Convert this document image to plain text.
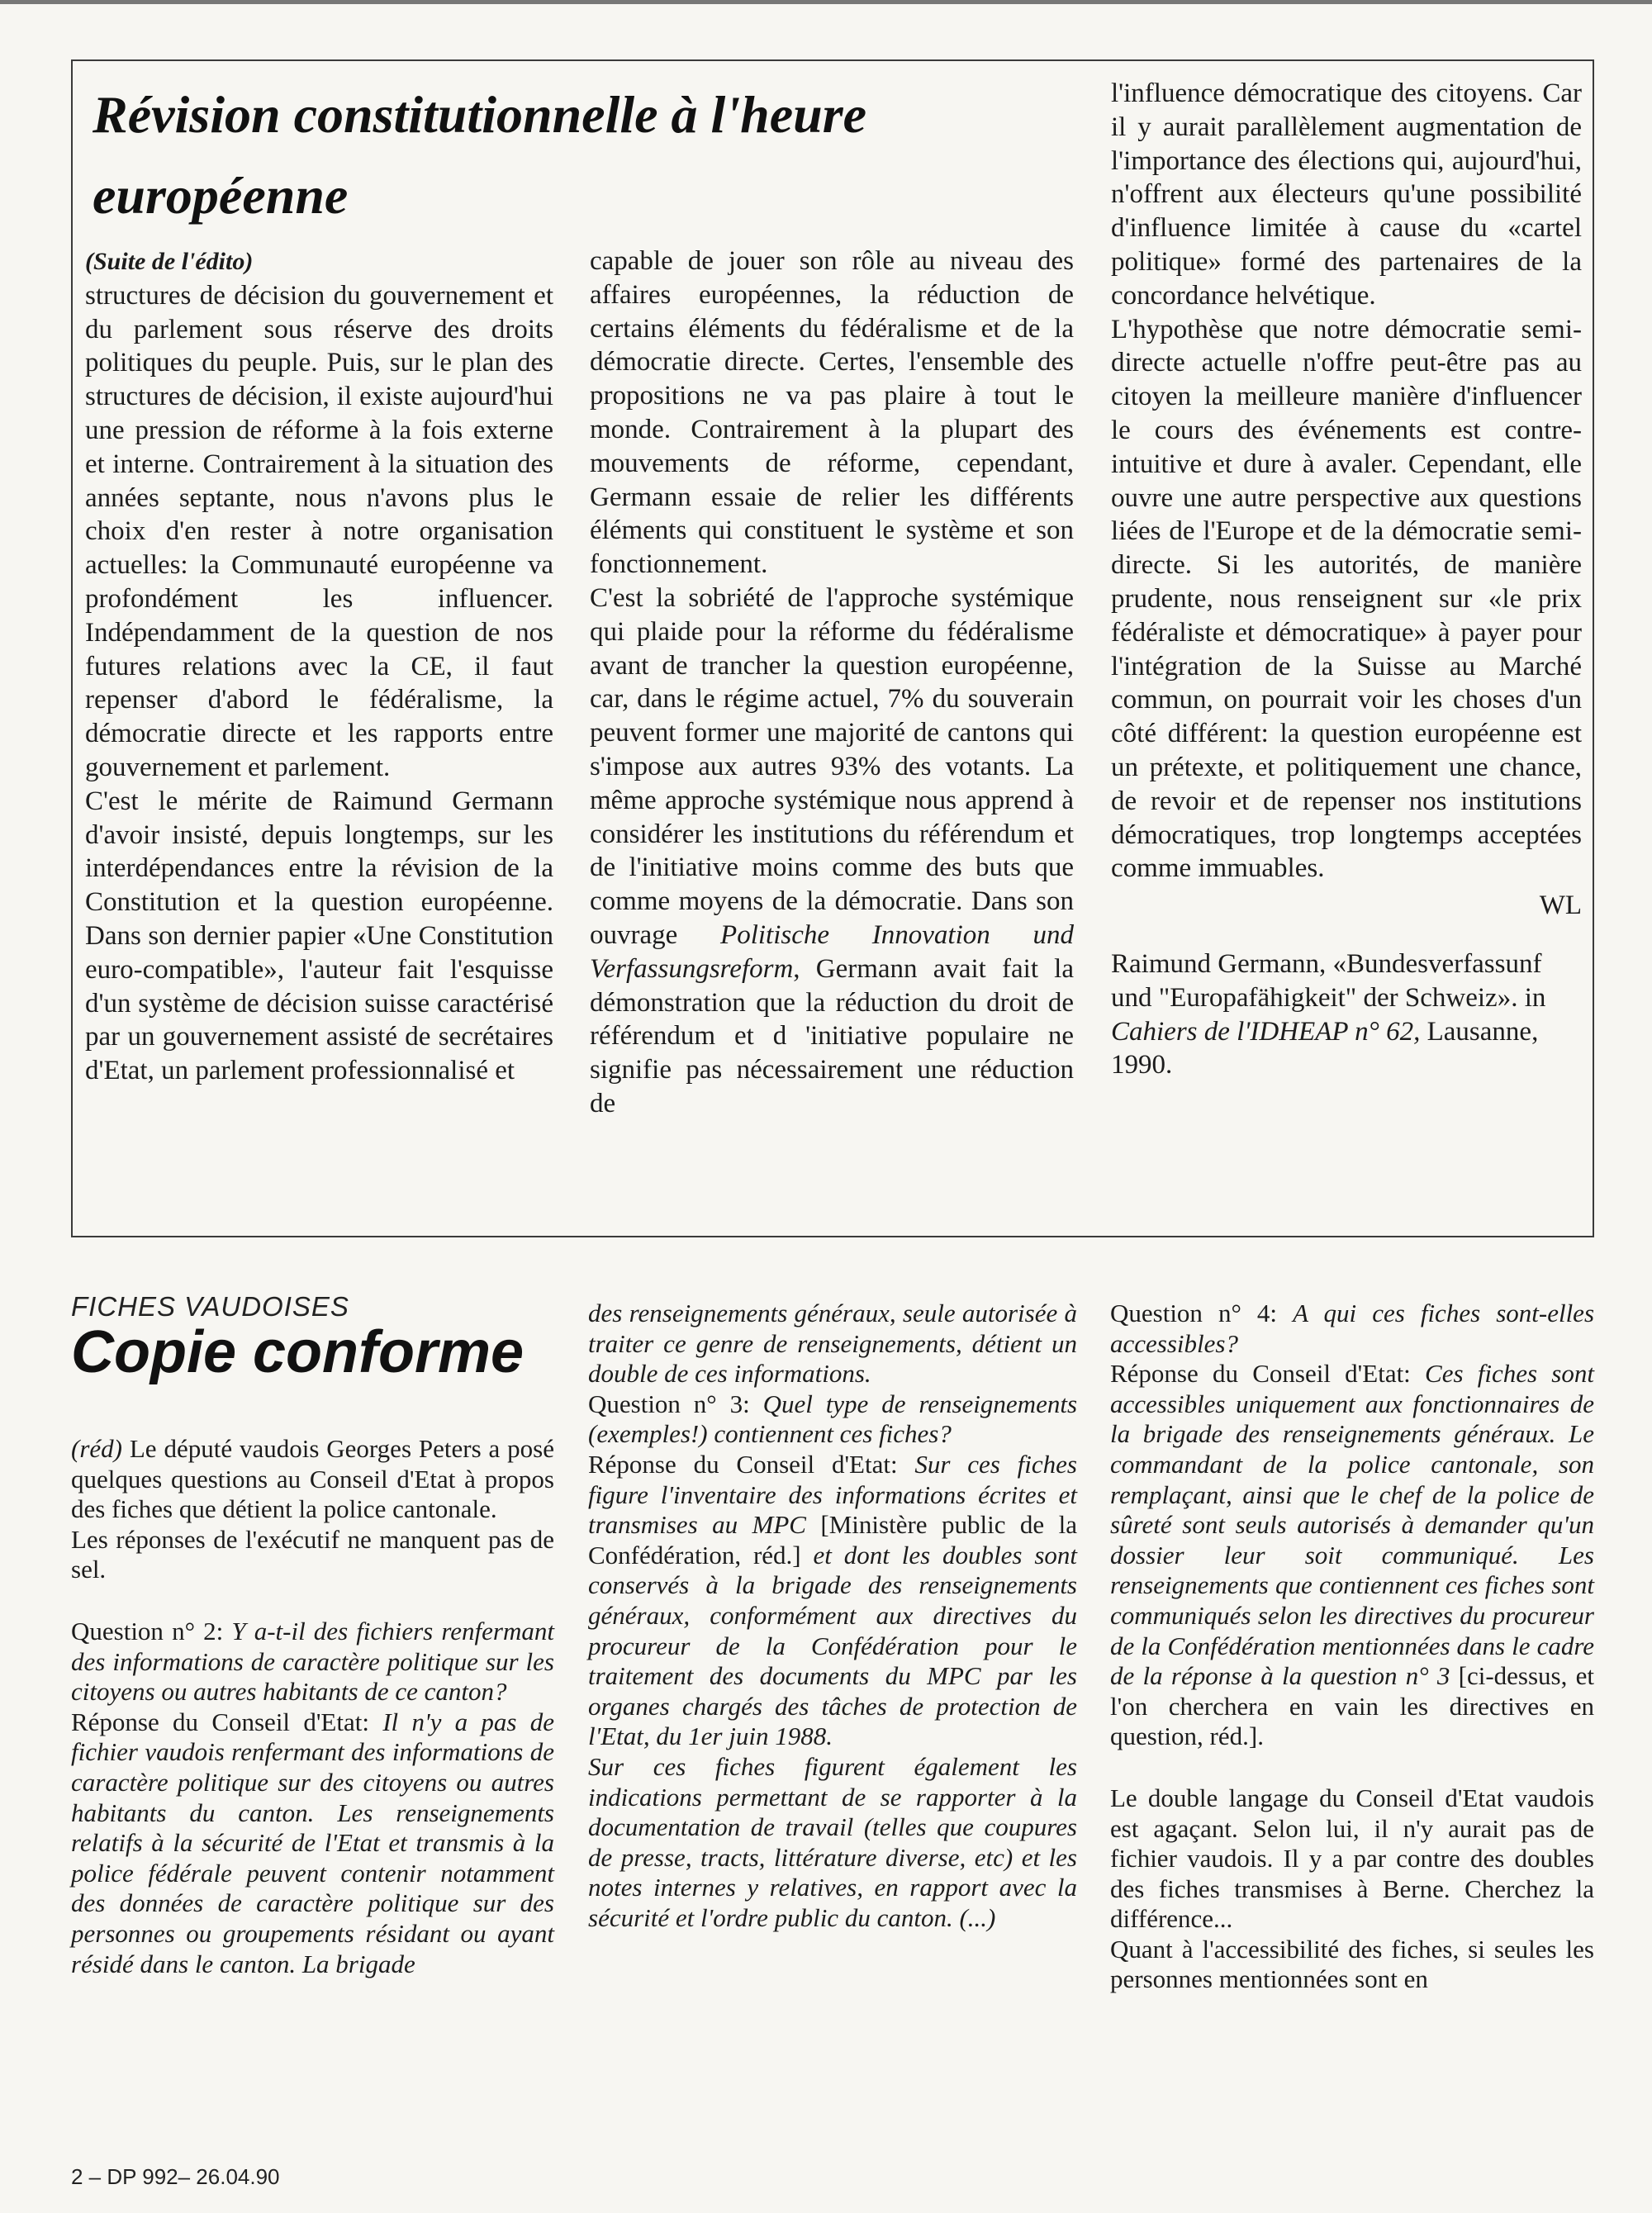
Révision constitutionnelle à l'heure européenne

(Suite de l'édito)

structures de décision du gouvernement et du parlement sous réserve des droits politiques du peuple. Puis, sur le plan des structures de décision, il existe aujourd'hui une pression de réforme à la fois externe et interne. Contrairement à la situation des années septante, nous n'avons plus le choix d'en rester à notre organisation actuelles: la Communauté européenne va profondément les influencer. Indépendamment de la question de nos futures relations avec la CE, il faut repenser d'abord le fédéralisme, la démocratie directe et les rapports entre gouvernement et parlement.

C'est le mérite de Raimund Germann d'avoir insisté, depuis longtemps, sur les interdépendances entre la révision de la Constitution et la question européenne. Dans son dernier papier «Une Constitution euro-compatible», l'auteur fait l'esquisse d'un système de décision suisse caractérisé par un gouvernement assisté de secrétaires d'Etat, un parlement professionnalisé et

capable de jouer son rôle au niveau des affaires européennes, la réduction de certains éléments du fédéralisme et de la démocratie directe. Certes, l'ensemble des propositions ne va pas plaire à tout le monde. Contrairement à la plupart des mouvements de réforme, cependant, Germann essaie de relier les différents éléments qui constituent le système et son fonctionnement.

C'est la sobriété de l'approche systémique qui plaide pour la réforme du fédéralisme avant de trancher la question européenne, car, dans le régime actuel, 7% du souverain peuvent former une majorité de cantons qui s'impose aux autres 93% des votants. La même approche systémique nous apprend à considérer les institutions du référendum et de l'initiative moins comme des buts que comme moyens de la démocratie. Dans son ouvrage Politische Innovation und Verfassungsreform, Germann avait fait la démonstration que la réduction du droit de référendum et d 'initiative populaire ne signifie pas nécessairement une réduction de

l'influence démocratique des citoyens. Car il y aurait parallèlement augmentation de l'importance des élections qui, aujourd'hui, n'offrent aux électeurs qu'une possibilité d'influence limitée à cause du «cartel politique» formé des partenaires de la concordance helvétique.

L'hypothèse que notre démocratie semi-directe actuelle n'offre peut-être pas au citoyen la meilleure manière d'influencer le cours des événements est contre-intuitive et dure à avaler. Cependant, elle ouvre une autre perspective aux questions liées de l'Europe et de la démocratie semi-directe. Si les autorités, de manière prudente, nous renseignent sur «le prix fédéraliste et démocratique» à payer pour l'intégration de la Suisse au Marché commun, on pourrait voir les choses d'un côté différent: la question européenne est un prétexte, et politiquement une chance, de revoir et de repenser nos institutions démocratiques, trop longtemps acceptées comme immuables.

WL

Raimund Germann, «Bundesverfassunf und "Europafähigkeit" der Schweiz». in Cahiers de l'IDHEAP n° 62, Lausanne, 1990.

FICHES VAUDOISES

Copie conforme

(réd) Le député vaudois Georges Peters a posé quelques questions au Conseil d'Etat à propos des fiches que détient la police cantonale.

Les réponses de l'exécutif ne manquent pas de sel.

Question n° 2: Y a-t-il des fichiers renfermant des informations de caractère politique sur les citoyens ou autres habitants de ce canton?

Réponse du Conseil d'Etat: Il n'y a pas de fichier vaudois renfermant des informations de caractère politique sur des citoyens ou autres habitants du canton. Les renseignements relatifs à la sécurité de l'Etat et transmis à la police fédérale peuvent contenir notamment des données de caractère politique sur des personnes ou groupements résidant ou ayant résidé dans le canton. La brigade

des renseignements généraux, seule autorisée à traiter ce genre de renseignements, détient un double de ces informations.

Question n° 3: Quel type de renseignements (exemples!) contiennent ces fiches?

Réponse du Conseil d'Etat: Sur ces fiches figure l'inventaire des informations écrites et transmises au MPC [Ministère public de la Confédération, réd.] et dont les doubles sont conservés à la brigade des renseignements généraux, conformément aux directives du procureur de la Confédération pour le traitement des documents du MPC par les organes chargés des tâches de protection de l'Etat, du 1er juin 1988.

Sur ces fiches figurent également les indications permettant de se rapporter à la documentation de travail (telles que coupures de presse, tracts, littérature diverse, etc) et les notes internes y relatives, en rapport avec la sécurité et l'ordre public du canton. (...)

Question n° 4: A qui ces fiches sont-elles accessibles?

Réponse du Conseil d'Etat: Ces fiches sont accessibles uniquement aux fonctionnaires de la brigade des renseignements généraux. Le commandant de la police cantonale, son remplaçant, ainsi que le chef de la police de sûreté sont seuls autorisés à demander qu'un dossier leur soit communiqué. Les renseignements que contiennent ces fiches sont communiqués selon les directives du procureur de la Confédération mentionnées dans le cadre de la réponse à la question n° 3 [ci-dessus, et l'on cherchera en vain les directives en question, réd.].

Le double langage du Conseil d'Etat vaudois est agaçant. Selon lui, il n'y aurait pas de fichier vaudois. Il y a par contre des doubles des fiches transmises à Berne. Cherchez la différence...

Quant à l'accessibilité des fiches, si seules les personnes mentionnées sont en

2 – DP 992– 26.04.90
